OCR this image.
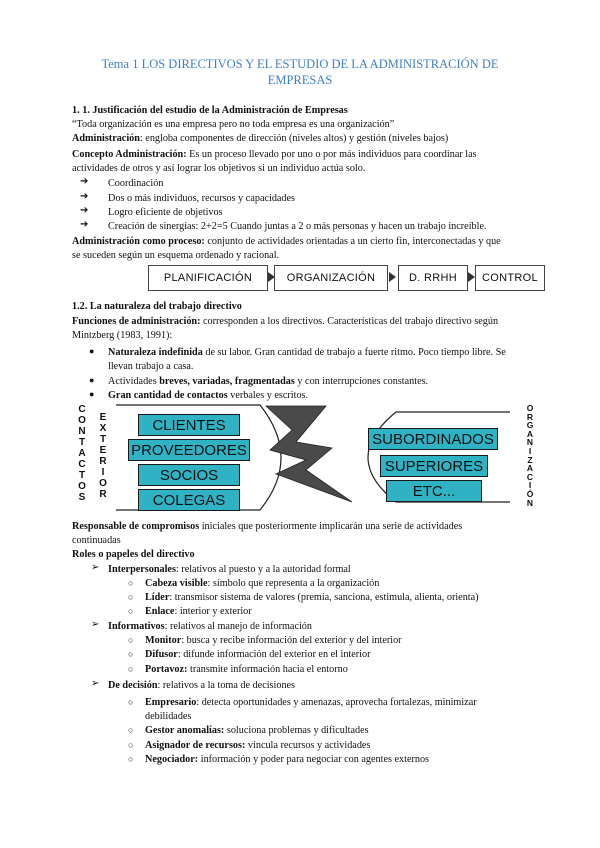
Tema 1 LOS DIRECTIVOS Y EL ESTUDIO DE LA ADMINISTRACIÓN DE
EMPRESAS
1. 1. Justificación del estudio de la Administración de Empresas
“Toda organización es una empresa pero no toda empresa es una organización”
Administración: engloba componentes de dirección (niveles altos) y gestión (niveles bajos)
Concepto Administración: Es un proceso llevado por uno o por más individuos para coordinar las
actividades de otros y así lograr los objetivos si un individuo actúa solo.
➔ Coordinación
➔ Dos o más individuos, recursos y capacidades
➔ Logro eficiente de objetivos
➔ Creación de sinergias: 2+2=5 Cuando juntas a 2 o más personas y hacen un trabajo increíble.
Administración como proceso: conjunto de actividades orientadas a un cierto fin, interconectadas y que
se suceden según un esquema ordenado y racional.
PLANIFICACIÓN	ORGANIZACIÓN	D. RRHH	CONTROL
1.2. La naturaleza del trabajo directivo
Funciones de administración: corresponden a los directivos. Características del trabajo directivo según
Mintzberg (1983, 1991):
● Naturaleza indefinida de su labor. Gran cantidad de trabajo a fuerte ritmo. Poco tiempo libre. Se
llevan trabajo a casa.
● Actividades breves, variadas, fragmentadas y con interrupciones constantes.
● Gran cantidad de contactos verbales y escritos.
C
O
N
T
A
C
T
O
S
E
X
T
E
R
I
O
R
CLIENTES
PROVEEDORES
SOCIOS
COLEGAS
SUBORDINADOS
SUPERIORES
ETC...
O
R
G
A
N
I
Z
A
C
I
Ó
N
Responsable de compromisos iniciales que posteriormente implicarán una serie de actividades
continuadas
Roles o papeles del directivo
➢ Interpersonales: relativos al puesto y a la autoridad formal
○ Cabeza visible: símbolo que representa a la organización
○ Líder: transmisor sistema de valores (premia, sanciona, estimula, alienta, orienta)
○ Enlace: interior y exterior
➢ Informativos: relativos al manejo de información
○ Monitor: busca y recibe información del exterior y del interior
○ Difusor: difunde información del exterior en el interior
○ Portavoz: transmite información hacia el entorno
➢ De decisión: relativos a la toma de decisiones
○ Empresario: detecta oportunidades y amenazas, aprovecha fortalezas, minimizar
debilidades
○ Gestor anomalías: soluciona problemas y dificultades
○ Asignador de recursos: vincula recursos y actividades
○ Negociador: información y poder para negociar con agentes externos
